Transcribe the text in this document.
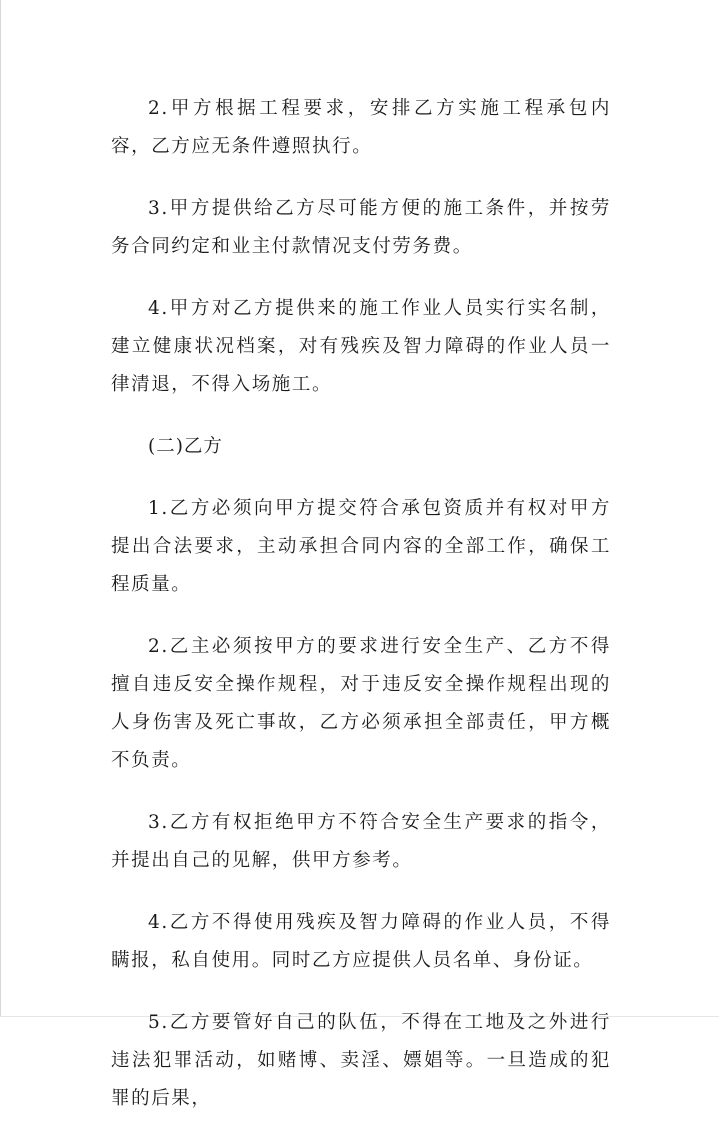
2.甲方根据工程要求，安排乙方实施工程承包内容，乙方应无条件遵照执行。

3.甲方提供给乙方尽可能方便的施工条件，并按劳务合同约定和业主付款情况支付劳务费。

4.甲方对乙方提供来的施工作业人员实行实名制，建立健康状况档案，对有残疾及智力障碍的作业人员一律清退，不得入场施工。

(二)乙方

1.乙方必须向甲方提交符合承包资质并有权对甲方提出合法要求，主动承担合同内容的全部工作，确保工程质量。

2.乙主必须按甲方的要求进行安全生产、乙方不得擅自违反安全操作规程，对于违反安全操作规程出现的人身伤害及死亡事故，乙方必须承担全部责任，甲方概不负责。

3.乙方有权拒绝甲方不符合安全生产要求的指令，并提出自己的见解，供甲方参考。

4.乙方不得使用残疾及智力障碍的作业人员，不得瞒报，私自使用。同时乙方应提供人员名单、身份证。

5.乙方要管好自己的队伍，不得在工地及之外进行违法犯罪活动，如赌博、卖淫、嫖娼等。一旦造成的犯罪的后果，
